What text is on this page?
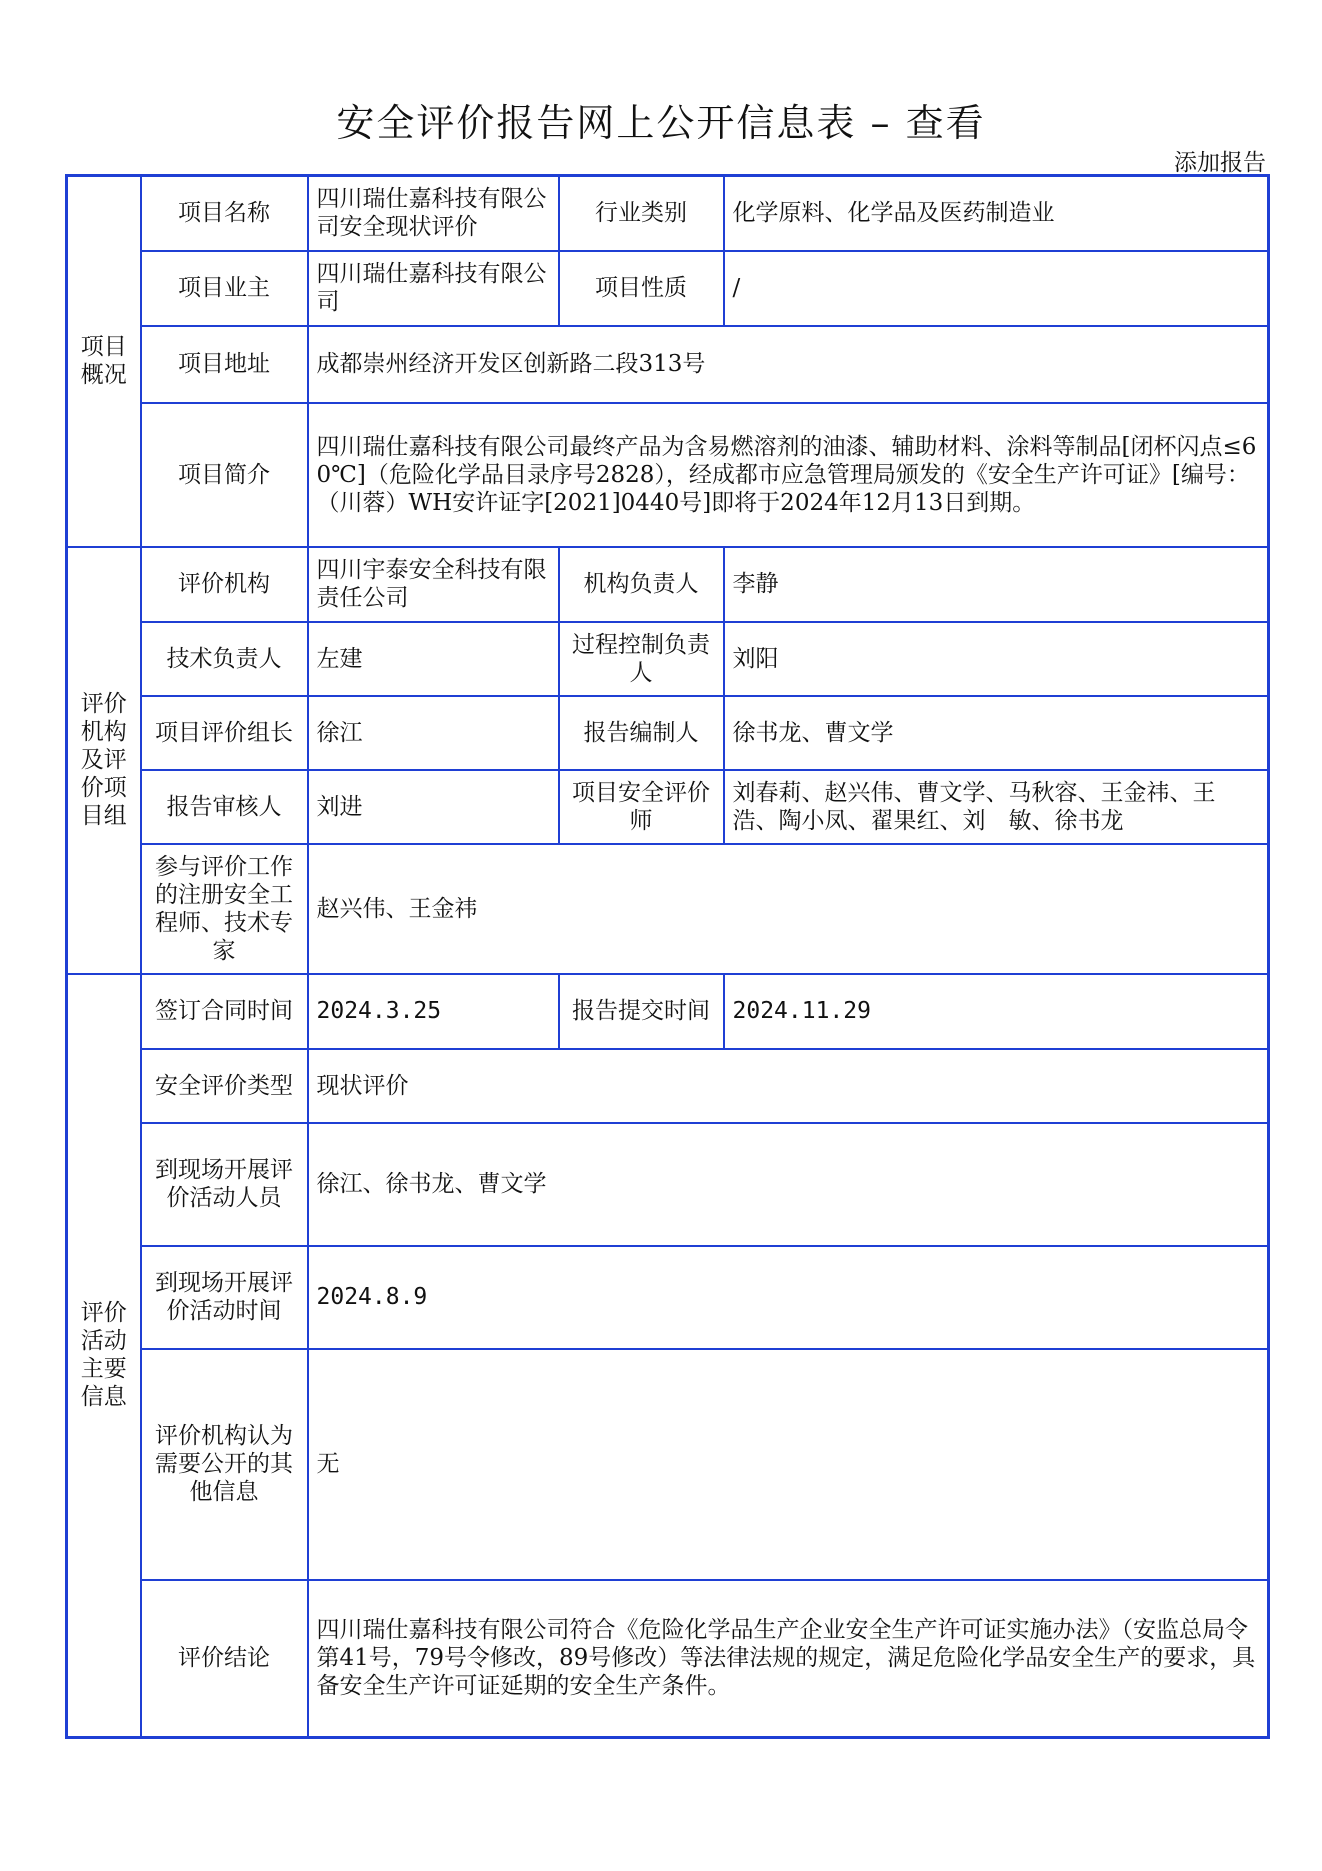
安全评价报告网上公开信息表 – 查看
添加报告
项目概况	项目名称	四川瑞仕嘉科技有限公司安全现状评价	行业类别	化学原料、化学品及医药制造业
	项目业主	四川瑞仕嘉科技有限公司	项目性质	/
	项目地址	成都崇州经济开发区创新路二段313号		
	项目简介	四川瑞仕嘉科技有限公司最终产品为含易燃溶剂的油漆、辅助材料、涂料等制品[闭杯闪点≤60℃]（危险化学品目录序号2828），经成都市应急管理局颁发的《安全生产许可证》[编号：（川蓉）WH安许证字[2021]0440号]即将于2024年12月13日到期。		
评价机构及评价项目组	评价机构	四川宇泰安全科技有限责任公司	机构负责人	李静
	技术负责人	左建	过程控制负责人	刘阳
	项目评价组长	徐江	报告编制人	徐书龙、曹文学
	报告审核人	刘进	项目安全评价师	刘春莉、赵兴伟、曹文学、马秋容、王金祎、王浩、陶小凤、翟果红、刘　敏、徐书龙
	参与评价工作的注册安全工程师、技术专家	赵兴伟、王金祎		
评价活动主要信息	签订合同时间	2024.3.25	报告提交时间	2024.11.29
	安全评价类型	现状评价		
	到现场开展评价活动人员	徐江、徐书龙、曹文学		
	到现场开展评价活动时间	2024.8.9		
	评价机构认为需要公开的其他信息	无		
	评价结论	四川瑞仕嘉科技有限公司符合《危险化学品生产企业安全生产许可证实施办法》（安监总局令第41号，79号令修改，89号修改）等法律法规的规定，满足危险化学品安全生产的要求，具备安全生产许可证延期的安全生产条件。		
